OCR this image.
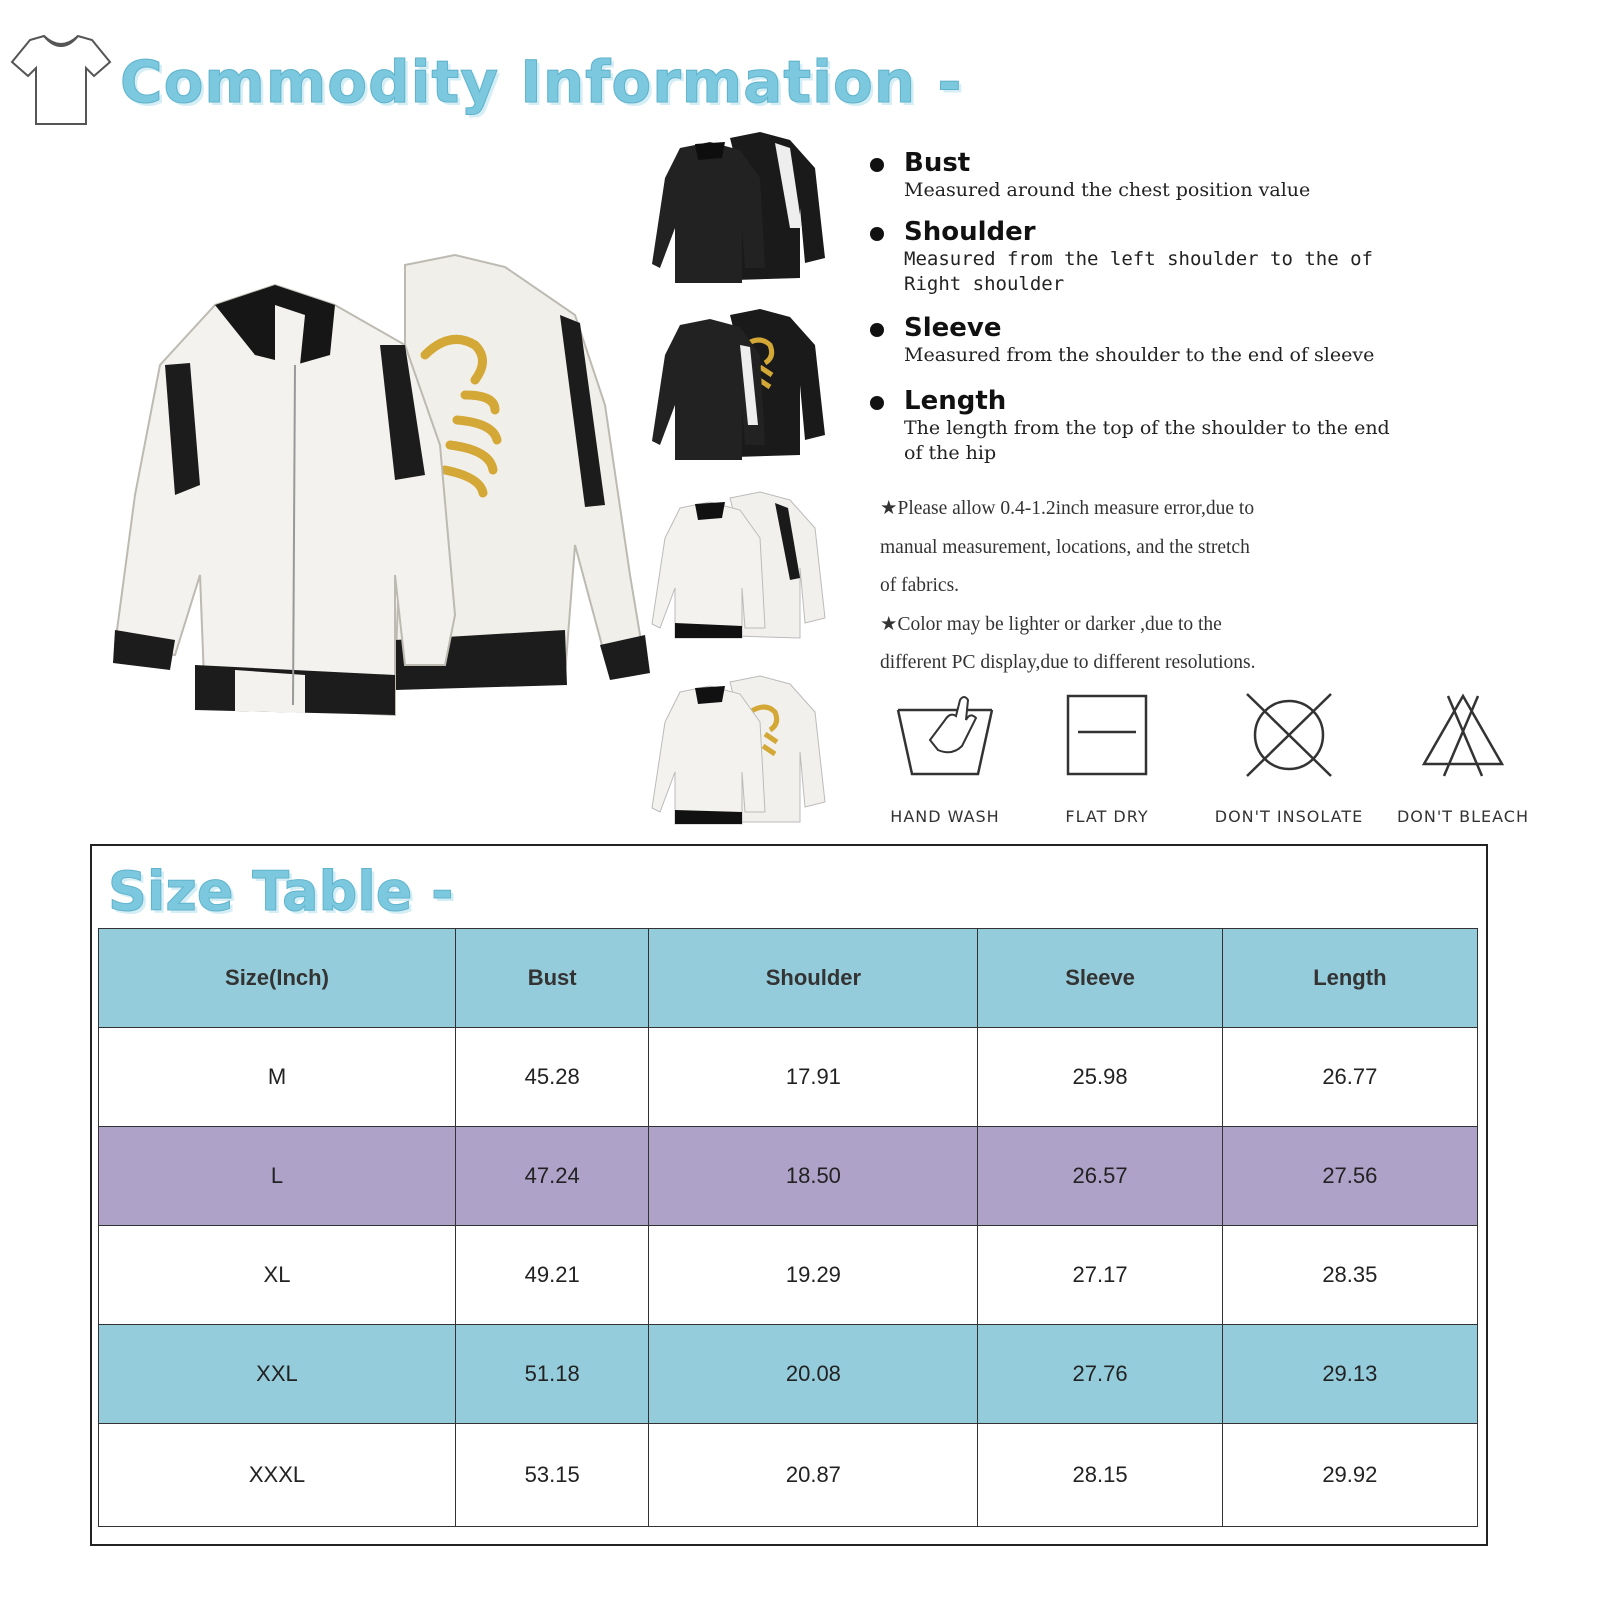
Commodity Information -
Bust
Measured around the chest position value
Shoulder
Measured from the left shoulder to the of Right shoulder
Sleeve
Measured from the shoulder to the end of sleeve
Length
The length from the top of the shoulder to the end of the hip
★Please allow 0.4-1.2inch measure error,due to
manual measurement, locations, and the stretch
of fabrics.
★Color may be lighter or darker ,due to the
different PC display,due to different resolutions.
HAND WASH	FLAT DRY	DON'T INSOLATE	DON'T BLEACH
Size Table -
Size(Inch)	Bust	Shoulder	Sleeve	Length
M	45.28	17.91	25.98	26.77
L	47.24	18.50	26.57	27.56
XL	49.21	19.29	27.17	28.35
XXL	51.18	20.08	27.76	29.13
XXXL	53.15	20.87	28.15	29.92
